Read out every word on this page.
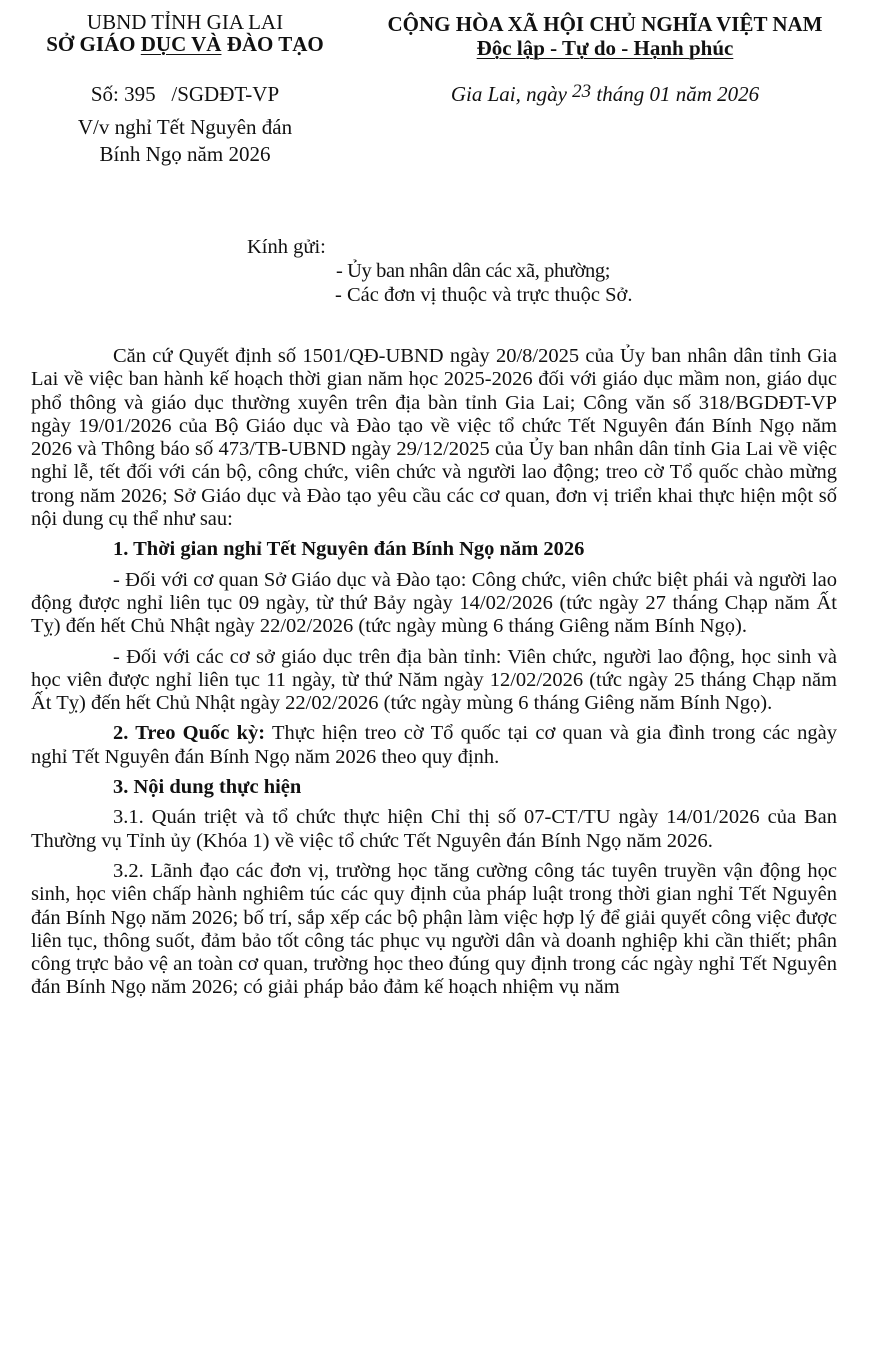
UBND TỈNH GIA LAI
SỞ GIÁO DỤC VÀ ĐÀO TẠO
Số: 395   /SGDĐT-VP
V/v nghỉ Tết Nguyên đán
Bính Ngọ năm 2026
CỘNG HÒA XÃ HỘI CHỦ NGHĨA VIỆT NAM
Độc lập - Tự do - Hạnh phúc
Gia Lai, ngày 23 tháng 01 năm 2026
Kính gửi:
- Ủy ban nhân dân các xã, phường;
- Các đơn vị thuộc và trực thuộc Sở.

Căn cứ Quyết định số 1501/QĐ-UBND ngày 20/8/2025 của Ủy ban nhân dân tỉnh Gia Lai về việc ban hành kế hoạch thời gian năm học 2025-2026 đối với giáo dục mầm non, giáo dục phổ thông và giáo dục thường xuyên trên địa bàn tỉnh Gia Lai; Công văn số 318/BGDĐT-VP ngày 19/01/2026 của Bộ Giáo dục và Đào tạo về việc tổ chức Tết Nguyên đán Bính Ngọ năm 2026 và Thông báo số 473/TB-UBND ngày 29/12/2025 của Ủy ban nhân dân tỉnh Gia Lai về việc nghỉ lễ, tết đối với cán bộ, công chức, viên chức và người lao động; treo cờ Tổ quốc chào mừng trong năm 2026; Sở Giáo dục và Đào tạo yêu cầu các cơ quan, đơn vị triển khai thực hiện một số nội dung cụ thể như sau:

1. Thời gian nghỉ Tết Nguyên đán Bính Ngọ năm 2026

- Đối với cơ quan Sở Giáo dục và Đào tạo: Công chức, viên chức biệt phái và người lao động được nghỉ liên tục 09 ngày, từ thứ Bảy ngày 14/02/2026 (tức ngày 27 tháng Chạp năm Ất Tỵ) đến hết Chủ Nhật ngày 22/02/2026 (tức ngày mùng 6 tháng Giêng năm Bính Ngọ).

- Đối với các cơ sở giáo dục trên địa bàn tỉnh: Viên chức, người lao động, học sinh và học viên được nghỉ liên tục 11 ngày, từ thứ Năm ngày 12/02/2026 (tức ngày 25 tháng Chạp năm Ất Tỵ) đến hết Chủ Nhật ngày 22/02/2026 (tức ngày mùng 6 tháng Giêng năm Bính Ngọ).

2. Treo Quốc kỳ: Thực hiện treo cờ Tổ quốc tại cơ quan và gia đình trong các ngày nghỉ Tết Nguyên đán Bính Ngọ năm 2026 theo quy định.

3. Nội dung thực hiện

3.1. Quán triệt và tổ chức thực hiện Chỉ thị số 07-CT/TU ngày 14/01/2026 của Ban Thường vụ Tỉnh ủy (Khóa 1) về việc tổ chức Tết Nguyên đán Bính Ngọ năm 2026.

3.2. Lãnh đạo các đơn vị, trường học tăng cường công tác tuyên truyền vận động học sinh, học viên chấp hành nghiêm túc các quy định của pháp luật trong thời gian nghỉ Tết Nguyên đán Bính Ngọ năm 2026; bố trí, sắp xếp các bộ phận làm việc hợp lý để giải quyết công việc được liên tục, thông suốt, đảm bảo tốt công tác phục vụ người dân và doanh nghiệp khi cần thiết; phân công trực bảo vệ an toàn cơ quan, trường học theo đúng quy định trong các ngày nghỉ Tết Nguyên đán Bính Ngọ năm 2026; có giải pháp bảo đảm kế hoạch nhiệm vụ năm
